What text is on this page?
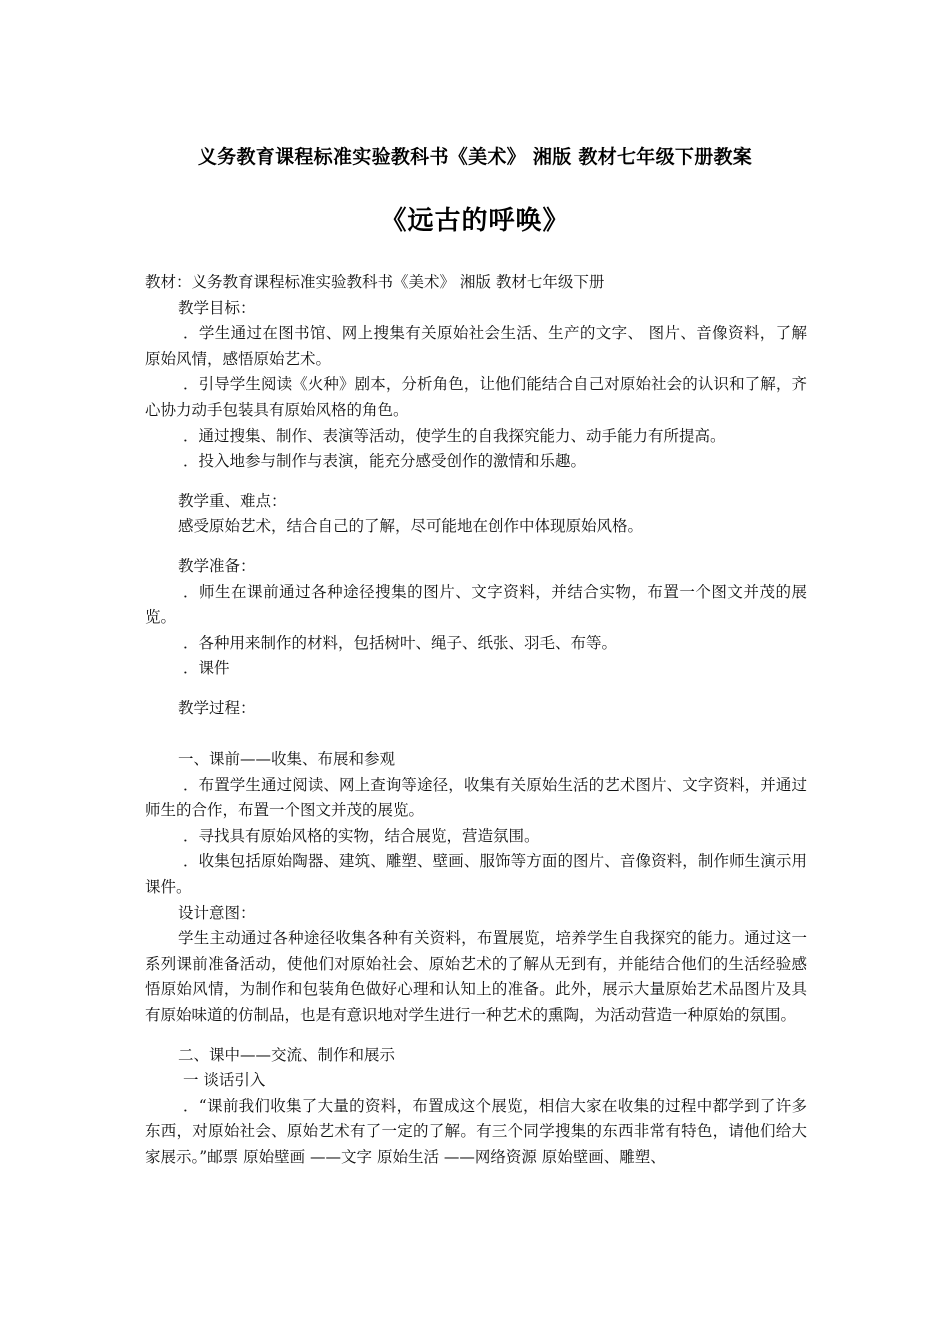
义务教育课程标准实验教科书《美术》 湘版 教材七年级下册教案
《远古的呼唤》
教材：义务教育课程标准实验教科书《美术》 湘版 教材七年级下册
教学目标：
．学生通过在图书馆、网上搜集有关原始社会生活、生产的文字、 图片、音像资料，了解原始风情，感悟原始艺术。
．引导学生阅读《火种》剧本，分析角色，让他们能结合自己对原始社会的认识和了解，齐心协力动手包装具有原始风格的角色。
．通过搜集、制作、表演等活动，使学生的自我探究能力、动手能力有所提高。
．投入地参与制作与表演，能充分感受创作的激情和乐趣。
教学重、难点：
感受原始艺术，结合自己的了解，尽可能地在创作中体现原始风格。
教学准备：
．师生在课前通过各种途径搜集的图片、文字资料，并结合实物，布置一个图文并茂的展览。
．各种用来制作的材料，包括树叶、绳子、纸张、羽毛、布等。
．课件
教学过程：
一、课前——收集、布展和参观
．布置学生通过阅读、网上查询等途径，收集有关原始生活的艺术图片、文字资料，并通过师生的合作，布置一个图文并茂的展览。
．寻找具有原始风格的实物，结合展览，营造氛围。
．收集包括原始陶器、建筑、雕塑、壁画、服饰等方面的图片、音像资料，制作师生演示用课件。
设计意图：
学生主动通过各种途径收集各种有关资料，布置展览，培养学生自我探究的能力。通过这一系列课前准备活动，使他们对原始社会、原始艺术的了解从无到有，并能结合他们的生活经验感悟原始风情，为制作和包装角色做好心理和认知上的准备。此外，展示大量原始艺术品图片及具有原始味道的仿制品，也是有意识地对学生进行一种艺术的熏陶，为活动营造一种原始的氛围。
二、课中——交流、制作和展示
一 谈话引入
．“课前我们收集了大量的资料，布置成这个展览，相信大家在收集的过程中都学到了许多东西，对原始社会、原始艺术有了一定的了解。有三个同学搜集的东西非常有特色，请他们给大家展示。”邮票 原始壁画 ——文字 原始生活 ——网络资源 原始壁画、雕塑、
